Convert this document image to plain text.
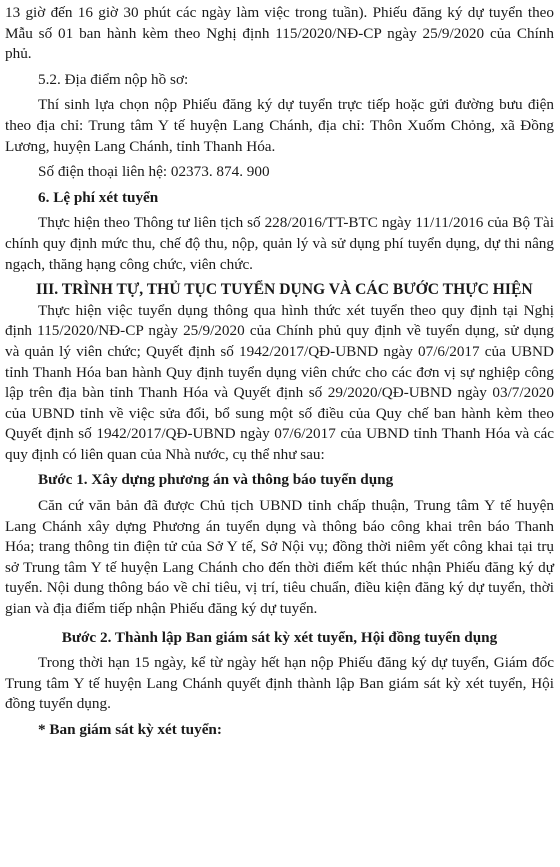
13 giờ đến 16 giờ 30 phút các ngày làm việc trong tuần). Phiếu đăng ký dự tuyển theo Mẫu số 01 ban hành kèm theo Nghị định 115/2020/NĐ-CP ngày 25/9/2020 của Chính phủ.

5.2. Địa điểm nộp hồ sơ:

Thí sinh lựa chọn nộp Phiếu đăng ký dự tuyển trực tiếp hoặc gửi đường bưu điện theo địa chỉ: Trung tâm Y tế huyện Lang Chánh, địa chỉ: Thôn Xuốm Chỏng, xã Đồng Lương, huyện Lang Chánh, tỉnh Thanh Hóa.

Số điện thoại liên hệ: 02373. 874. 900

6. Lệ phí xét tuyển

Thực hiện theo Thông tư liên tịch số 228/2016/TT-BTC ngày 11/11/2016 của Bộ Tài chính quy định mức thu, chế độ thu, nộp, quản lý và sử dụng phí tuyển dụng, dự thi nâng ngạch, thăng hạng công chức, viên chức.

III. TRÌNH TỰ, THỦ TỤC TUYỂN DỤNG VÀ CÁC BƯỚC THỰC HIỆN

Thực hiện việc tuyển dụng thông qua hình thức xét tuyển theo quy định tại Nghị định 115/2020/NĐ-CP ngày 25/9/2020 của Chính phủ quy định về tuyển dụng, sử dụng và quản lý viên chức; Quyết định số 1942/2017/QĐ-UBND ngày 07/6/2017 của UBND tỉnh Thanh Hóa ban hành Quy định tuyển dụng viên chức cho các đơn vị sự nghiệp công lập trên địa bàn tỉnh Thanh Hóa và Quyết định số 29/2020/QĐ-UBND ngày 03/7/2020 của UBND tỉnh về việc sửa đổi, bổ sung một số điều của Quy chế ban hành kèm theo Quyết định số 1942/2017/QĐ-UBND ngày 07/6/2017 của UBND tỉnh Thanh Hóa và các quy định có liên quan của Nhà nước, cụ thể như sau:

Bước 1. Xây dựng phương án và thông báo tuyển dụng

Căn cứ văn bản đã được Chủ tịch UBND tỉnh chấp thuận, Trung tâm Y tế huyện Lang Chánh xây dựng Phương án tuyển dụng và thông báo công khai trên báo Thanh Hóa; trang thông tin điện tử của Sở Y tế, Sở Nội vụ; đồng thời niêm yết công khai tại trụ sở Trung tâm Y tế huyện Lang Chánh cho đến thời điểm kết thúc nhận Phiếu đăng ký dự tuyển. Nội dung thông báo về chỉ tiêu, vị trí, tiêu chuẩn, điều kiện đăng ký dự tuyển, thời gian và địa điểm tiếp nhận Phiếu đăng ký dự tuyển.

Bước 2. Thành lập Ban giám sát kỳ xét tuyển, Hội đồng tuyển dụng

Trong thời hạn 15 ngày, kể từ ngày hết hạn nộp Phiếu đăng ký dự tuyển, Giám đốc Trung tâm Y tế huyện Lang Chánh quyết định thành lập Ban giám sát kỳ xét tuyển, Hội đồng tuyển dụng.

* Ban giám sát kỳ xét tuyển:
